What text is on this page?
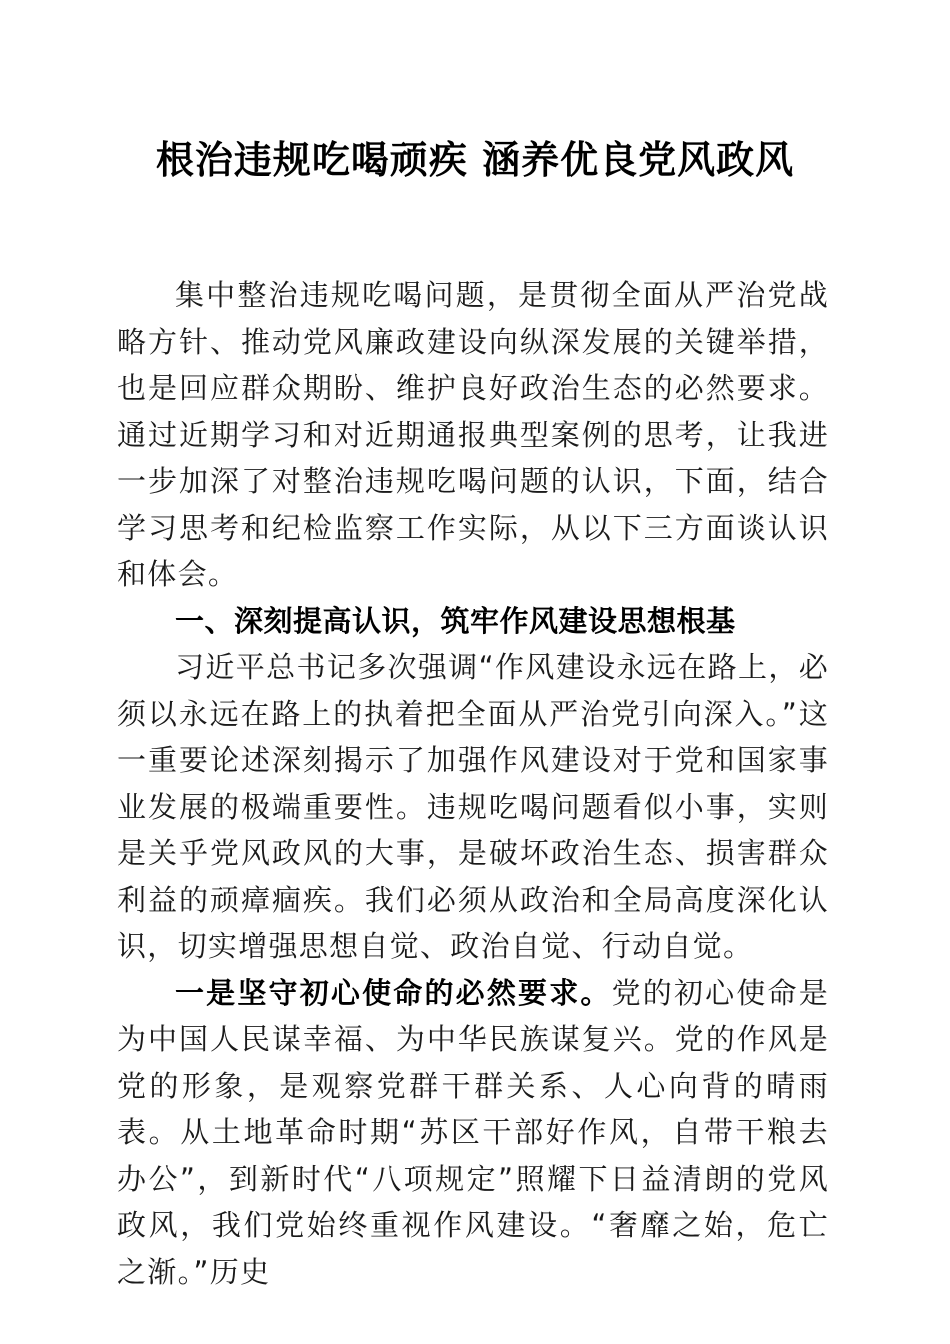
根治违规吃喝顽疾 涵养优良党风政风

集中整治违规吃喝问题，是贯彻全面从严治党战略方针、推动党风廉政建设向纵深发展的关键举措，也是回应群众期盼、维护良好政治生态的必然要求。通过近期学习和对近期通报典型案例的思考，让我进一步加深了对整治违规吃喝问题的认识，下面，结合学习思考和纪检监察工作实际，从以下三方面谈认识和体会。

一、深刻提高认识，筑牢作风建设思想根基

习近平总书记多次强调“作风建设永远在路上，必须以永远在路上的执着把全面从严治党引向深入。”这一重要论述深刻揭示了加强作风建设对于党和国家事业发展的极端重要性。违规吃喝问题看似小事，实则是关乎党风政风的大事，是破坏政治生态、损害群众利益的顽瘴痼疾。我们必须从政治和全局高度深化认识，切实增强思想自觉、政治自觉、行动自觉。

一是坚守初心使命的必然要求。党的初心使命是为中国人民谋幸福、为中华民族谋复兴。党的作风是党的形象，是观察党群干群关系、人心向背的晴雨表。从土地革命时期“苏区干部好作风，自带干粮去办公”，到新时代“八项规定”照耀下日益清朗的党风政风，我们党始终重视作风建设。“奢靡之始，危亡之渐。”历史
